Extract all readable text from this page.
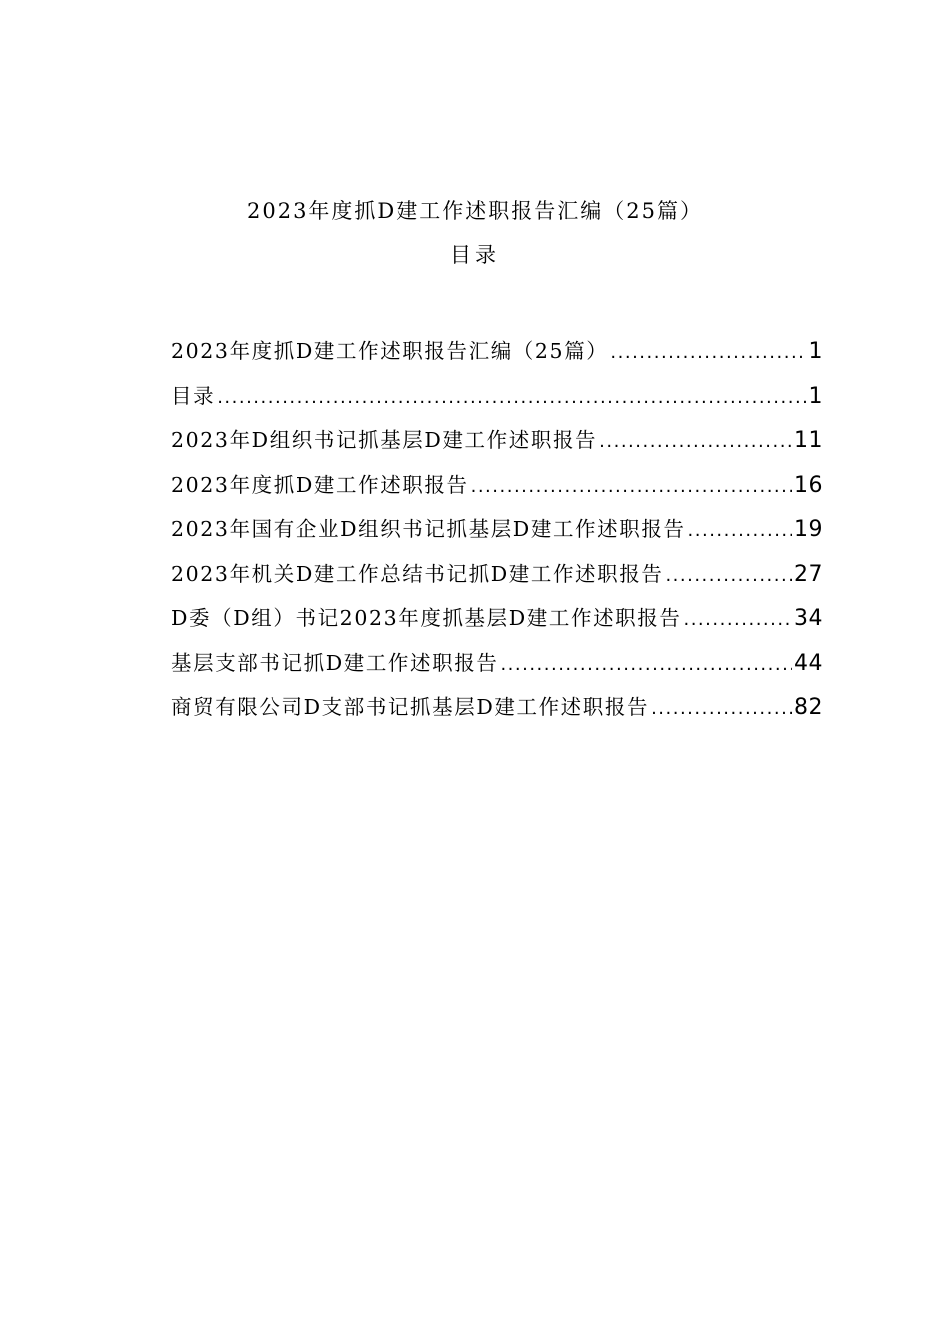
2023年度抓D建工作述职报告汇编（25篇）
目录
2023年度抓D建工作述职报告汇编（25篇） .....	1
目录 .....	1
2023年D组织书记抓基层D建工作述职报告 .....	11
2023年度抓D建工作述职报告 .....	16
2023年国有企业D组织书记抓基层D建工作述职报告 .....	19
2023年机关D建工作总结书记抓D建工作述职报告 .....	27
D委（D组）书记2023年度抓基层D建工作述职报告 .....	34
基层支部书记抓D建工作述职报告 .....	44
商贸有限公司D支部书记抓基层D建工作述职报告 .....	82
